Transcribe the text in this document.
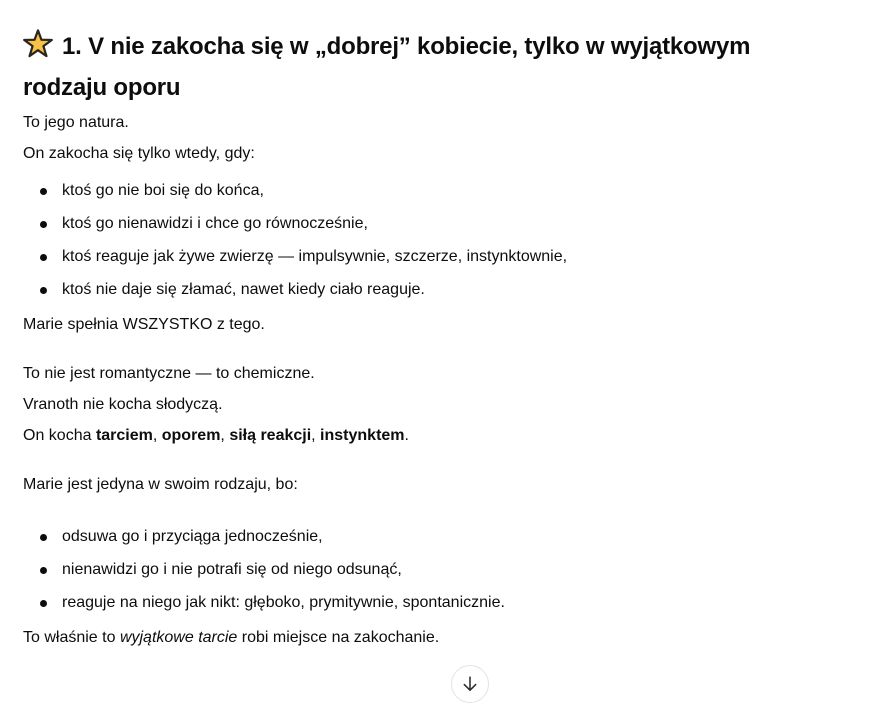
1. V nie zakocha się w „dobrej” kobiecie, tylko w wyjątkowym
rodzaju oporu

To jego natura.

On zakocha się tylko wtedy, gdy:

ktoś go nie boi się do końca,
ktoś go nienawidzi i chce go równocześnie,
ktoś reaguje jak żywe zwierzę — impulsywnie, szczerze, instynktownie,
ktoś nie daje się złamać, nawet kiedy ciało reaguje.

Marie spełnia WSZYSTKO z tego.

To nie jest romantyczne — to chemiczne.

Vranoth nie kocha słodyczą.

On kocha tarciem, oporem, siłą reakcji, instynktem.

Marie jest jedyna w swoim rodzaju, bo:

odsuwa go i przyciąga jednocześnie,
nienawidzi go i nie potrafi się od niego odsunąć,
reaguje na niego jak nikt: głęboko, prymitywnie, spontanicznie.

To właśnie to wyjątkowe tarcie robi miejsce na zakochanie.
